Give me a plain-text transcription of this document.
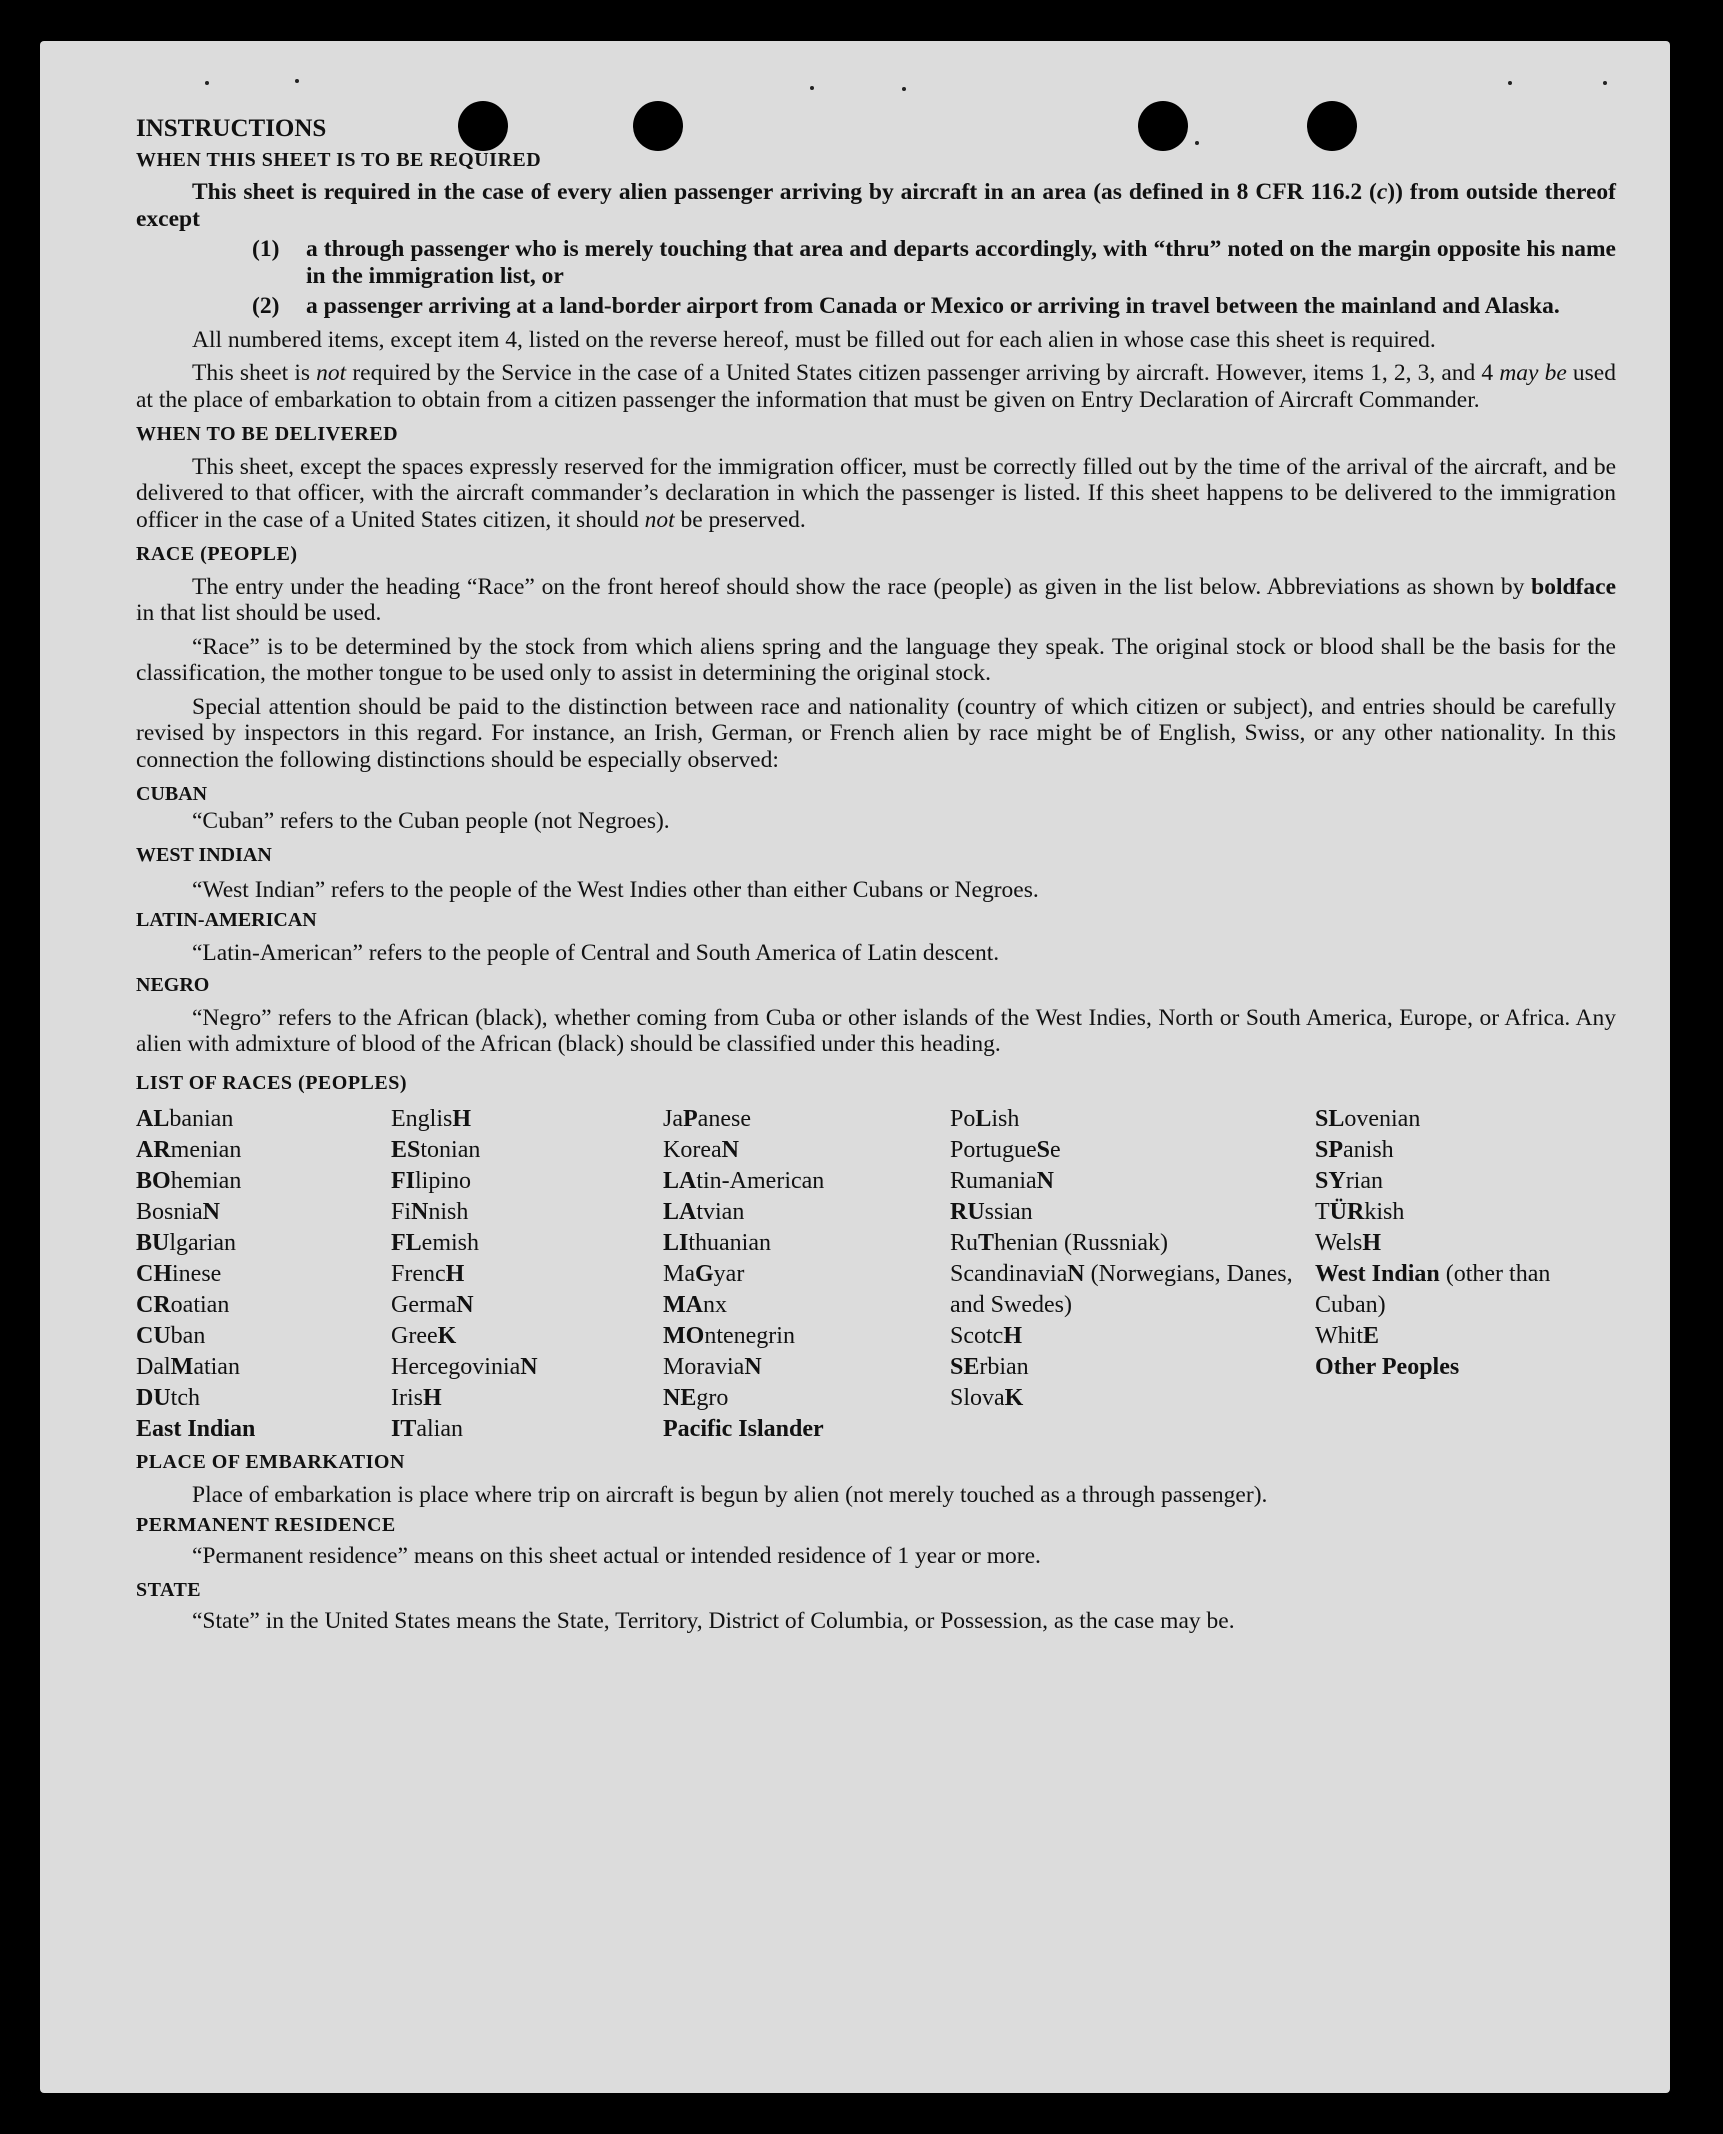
INSTRUCTIONS

WHEN THIS SHEET IS TO BE REQUIRED

This sheet is required in the case of every alien passenger arriving by aircraft in an area (as defined in 8 CFR 116.2 (c)) from outside thereof except

(1)	a through passenger who is merely touching that area and departs accordingly, with “thru” noted on the margin opposite his name in the immigration list, or

(2)	a passenger arriving at a land-border airport from Canada or Mexico or arriving in travel between the mainland and Alaska.

All numbered items, except item 4, listed on the reverse hereof, must be filled out for each alien in whose case this sheet is required.

This sheet is not required by the Service in the case of a United States citizen passenger arriving by aircraft. However, items 1, 2, 3, and 4 may be used at the place of embarkation to obtain from a citizen passenger the information that must be given on Entry Declaration of Aircraft Commander.

WHEN TO BE DELIVERED

This sheet, except the spaces expressly reserved for the immigration officer, must be correctly filled out by the time of the arrival of the aircraft, and be delivered to that officer, with the aircraft commander’s declaration in which the passenger is listed. If this sheet happens to be delivered to the immigration officer in the case of a United States citizen, it should not be preserved.

RACE (PEOPLE)

The entry under the heading “Race” on the front hereof should show the race (people) as given in the list below. Abbreviations as shown by boldface in that list should be used.

“Race” is to be determined by the stock from which aliens spring and the language they speak. The original stock or blood shall be the basis for the classification, the mother tongue to be used only to assist in determining the original stock.

Special attention should be paid to the distinction between race and nationality (country of which citizen or subject), and entries should be carefully revised by inspectors in this regard. For instance, an Irish, German, or French alien by race might be of English, Swiss, or any other nationality. In this connection the following distinctions should be especially observed:

CUBAN

“Cuban” refers to the Cuban people (not Negroes).

WEST INDIAN

“West Indian” refers to the people of the West Indies other than either Cubans or Negroes.

LATIN-AMERICAN

“Latin-American” refers to the people of Central and South America of Latin descent.

NEGRO

“Negro” refers to the African (black), whether coming from Cuba or other islands of the West Indies, North or South America, Europe, or Africa. Any alien with admixture of blood of the African (black) should be classified under this heading.

LIST OF RACES (PEOPLES)

ALbanian
ARmenian
BOhemian
BosniaN
BUlgarian
CHinese
CRoatian
CUban
DalMatian
DUtch
East Indian
EnglisH
EStonian
FIlipino
FiNnish
FLemish
FrencH
GermaN
GreeK
HercegoviniaN
IrisH
ITalian
JaPanese
KoreaN
LAtin-American
LAtvian
LIthuanian
MaGyar
MAnx
MOntenegrin
MoraviaN
NEgro
Pacific Islander
PoLish
PortugueSe
RumaniaN
RUssian
RuThenian (Russniak)
ScandinaviaN (Norwegians, Danes, and Swedes)
ScotcH
SErbian
SlovaK
SLovenian
SPanish
SYrian
TÜRkish
WelsH
West Indian (other than Cuban)
WhitE
Other Peoples

PLACE OF EMBARKATION

Place of embarkation is place where trip on aircraft is begun by alien (not merely touched as a through passenger).

PERMANENT RESIDENCE

“Permanent residence” means on this sheet actual or intended residence of 1 year or more.

STATE

“State” in the United States means the State, Territory, District of Columbia, or Possession, as the case may be.
